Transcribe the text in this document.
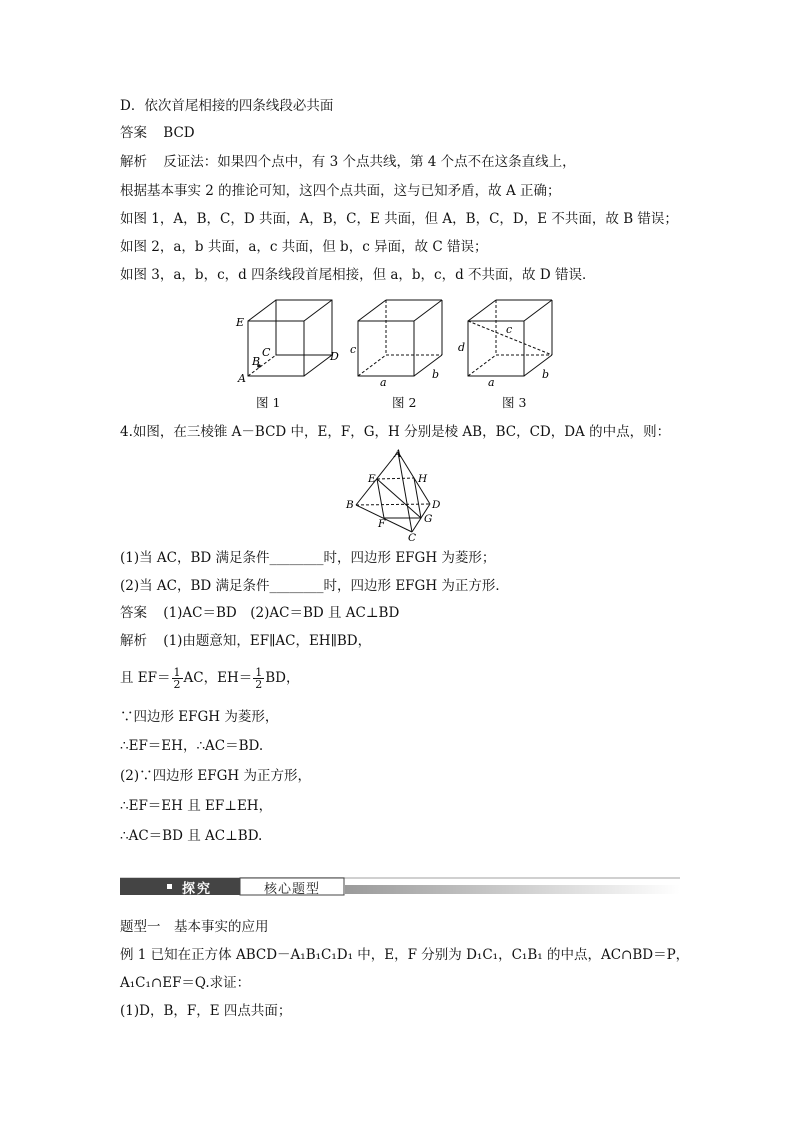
D．依次首尾相接的四条线段必共面
答案 BCD
解析 反证法：如果四个点中，有 3 个点共线，第 4 个点不在这条直线上，
根据基本事实 2 的推论可知，这四个点共面，这与已知矛盾，故 A 正确；
如图 1，A，B，C，D 共面，A，B，C，E 共面，但 A，B，C，D，E 不共面，故 B 错误；
如图 2，a，b 共面，a，c 共面，但 b，c 异面，故 C 错误；
如图 3，a，b，c，d 四条线段首尾相接，但 a，b，c，d 不共面，故 D 错误．
E
B
C
A
D
c
a
b
c
d
a
b
图 1	图 2	图 3
4.如图，在三棱锥 A－BCD 中，E，F，G，H 分别是棱 AB，BC，CD，DA 的中点，则：
A
E	H
B	D
F	G
C
(1)当 AC，BD 满足条件________时，四边形 EFGH 为菱形；
(2)当 AC，BD 满足条件________时，四边形 EFGH 为正方形．
答案 (1)AC＝BD　(2)AC＝BD 且 AC⊥BD
解析 (1)由题意知，EF∥AC，EH∥BD，
且 $EF= \frac{1}{2}$ AC，$EH= \frac{1}{2}$ BD，
∵四边形 EFGH 为菱形，
∴EF＝EH，∴AC＝BD.
(2)∵四边形 EFGH 为正方形，
∴EF＝EH 且 EF⊥EH，
∴AC＝BD 且 AC⊥BD.
探究	核心题型
题型一　基本事实的应用
例 1 已知在正方体 ABCD－A₁B₁C₁D₁ 中，E，F 分别为 D₁C₁，C₁B₁ 的中点，AC∩BD＝P，
A₁C₁∩EF＝Q.求证：
(1)D，B，F，E 四点共面；
